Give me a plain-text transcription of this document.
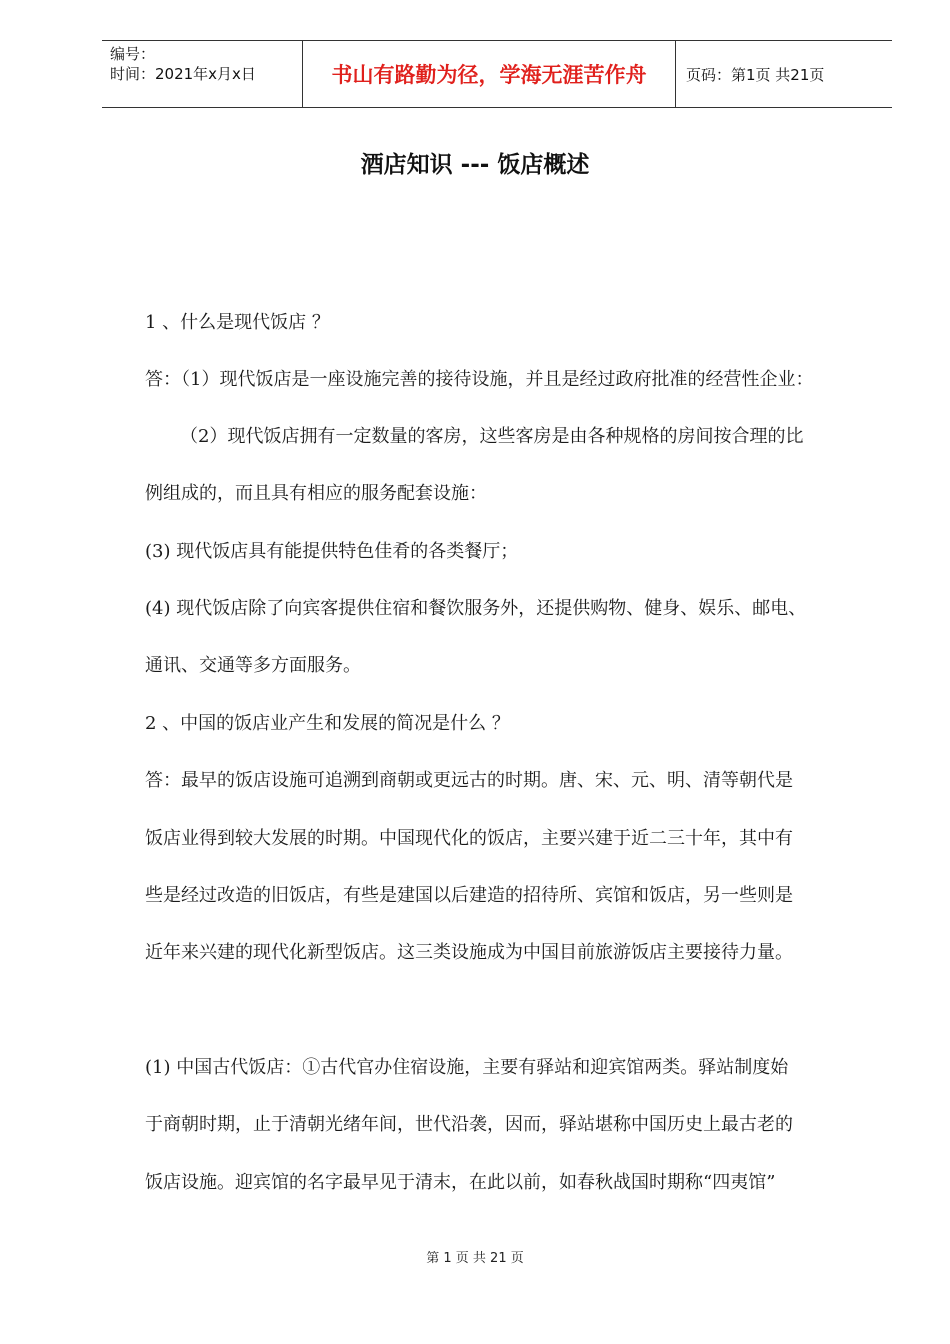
编号：
时间：2021年x月x日	书山有路勤为径，学海无涯苦作舟	页码：第1页 共21页
酒店知识 --- 饭店概述
1 、什么是现代饭店 ？
答：（1）现代饭店是一座设施完善的接待设施，并且是经过政府批准的经营性企业：
（2）现代饭店拥有一定数量的客房，这些客房是由各种规格的房间按合理的比
例组成的，而且具有相应的服务配套设施：
(3) 现代饭店具有能提供特色佳肴的各类餐厅；
(4) 现代饭店除了向宾客提供住宿和餐饮服务外，还提供购物、健身、娱乐、邮电、
通讯、交通等多方面服务。
2 、中国的饭店业产生和发展的简况是什么 ？
答：最早的饭店设施可追溯到商朝或更远古的时期。唐、宋、元、明、清等朝代是
饭店业得到较大发展的时期。中国现代化的饭店，主要兴建于近二三十年，其中有
些是经过改造的旧饭店，有些是建国以后建造的招待所、宾馆和饭店，另一些则是
近年来兴建的现代化新型饭店。这三类设施成为中国目前旅游饭店主要接待力量。
(1) 中国古代饭店：①古代官办住宿设施，主要有驿站和迎宾馆两类。驿站制度始
于商朝时期，止于清朝光绪年间，世代沿袭，因而，驿站堪称中国历史上最古老的
饭店设施。迎宾馆的名字最早见于清末，在此以前，如春秋战国时期称“四夷馆”
第 1 页 共 21 页
